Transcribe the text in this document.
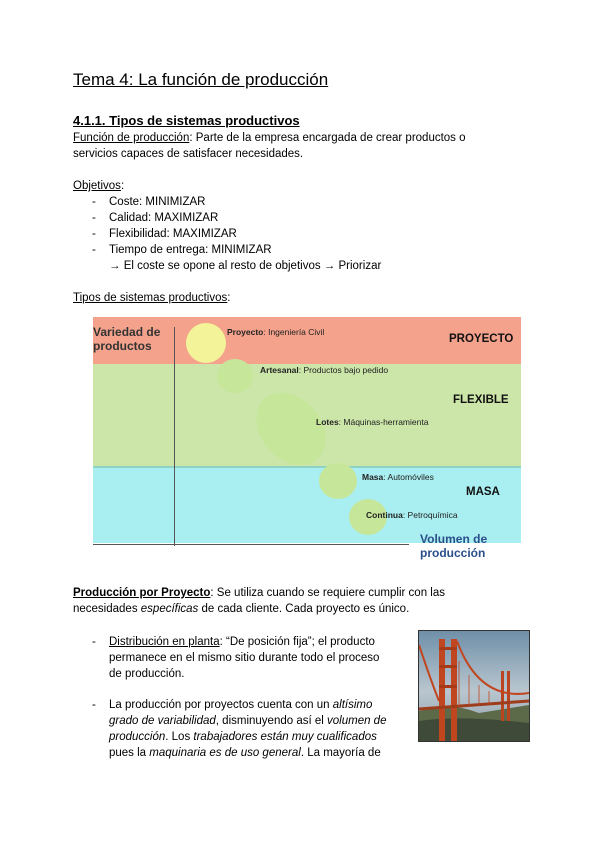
Tema 4: La función de producción
4.1.1. Tipos de sistemas productivos
Función de producción: Parte de la empresa encargada de crear productos o
servicios capaces de satisfacer necesidades.
Objetivos:
- Coste: MINIMIZAR
- Calidad: MAXIMIZAR
- Flexibilidad: MAXIMIZAR
- Tiempo de entrega: MINIMIZAR
→ El coste se opone al resto de objetivos → Priorizar
Tipos de sistemas productivos:
Variedad de
productos
Volumen de
producción
PROYECTO
FLEXIBLE
MASA
Proyecto: Ingeniería Civil
Artesanal: Productos bajo pedido
Lotes: Máquinas-herramienta
Masa: Automóviles
Continua: Petroquímica
Producción por Proyecto: Se utiliza cuando se requiere cumplir con las
necesidades específicas de cada cliente. Cada proyecto es único.
- Distribución en planta: “De posición fija”; el producto
permanece en el mismo sitio durante todo el proceso
de producción.
- La producción por proyectos cuenta con un altísimo
grado de variabilidad, disminuyendo así el volumen de
producción. Los trabajadores están muy cualificados
pues la maquinaria es de uso general. La mayoría de
